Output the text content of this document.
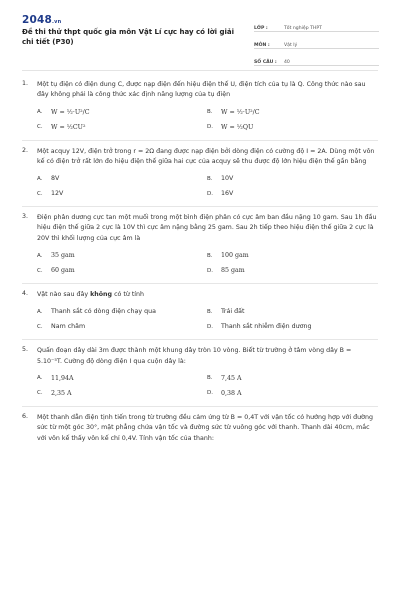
2048.vn
Đề thi thử thpt quốc gia môn Vật Lí cực hay có lời giải chi tiết (P30)
LỚP :	Tốt nghiệp THPT
MÔN :	Vật lý
SỐ CÂU :	40
1. Một tụ điện có điện dung C, được nạp điện đến hiệu điện thế U, điện tích của tụ là Q. Công thức nào sau đây không phải là công thức xác định năng lượng của tụ điện
A.	W = ½·U²/C	B.	W = ½·U²/C
C.	W = ½CU²	D.	W = ½QU
2. Một acquy 12V, điện trở trong r = 2Ω đang được nạp điện bởi dòng điện có cường độ I = 2A. Dùng một vôn kế có điện trở rất lớn đo hiệu điện thế giữa hai cực của acquy sẽ thu được độ lớn hiệu điện thế gần bằng
A.	8V	B.	10V
C.	12V	D.	16V
3. Điện phân dương cực tan một muối trong một bình điện phân có cực âm ban đầu nặng 10 gam. Sau 1h đầu hiệu điện thế giữa 2 cực là 10V thì cực âm nặng bằng 25 gam. Sau 2h tiếp theo hiệu điện thế giữa 2 cực là 20V thì khối lượng của cực âm là
A.	35 gam	B.	100 gam
C.	60 gam	D.	85 gam
4. Vật nào sau đây không có từ tính
A.	Thanh sắt có dòng điện chạy qua	B.	Trái đất
C.	Nam châm	D.	Thanh sắt nhiễm điện dương
5. Quấn đoạn dây dài 3m được thành một khung dây tròn 10 vòng. Biết từ trường ở tâm vòng dây B = 5.10⁻⁵T. Cường độ dòng điện I qua cuộn dây là:
A.	11,94A	B.	7,45 A
C.	2,35 A	D.	0,38 A
6. Một thanh dẫn điện tịnh tiến trong từ trường đều cảm ứng từ B = 0,4T với vận tốc có hướng hợp với đường sức từ một góc 30°, mặt phẳng chứa vận tốc và đường sức từ vuông góc với thanh. Thanh dài 40cm, mắc với vôn kế thấy vôn kế chỉ 0,4V. Tính vận tốc của thanh:
